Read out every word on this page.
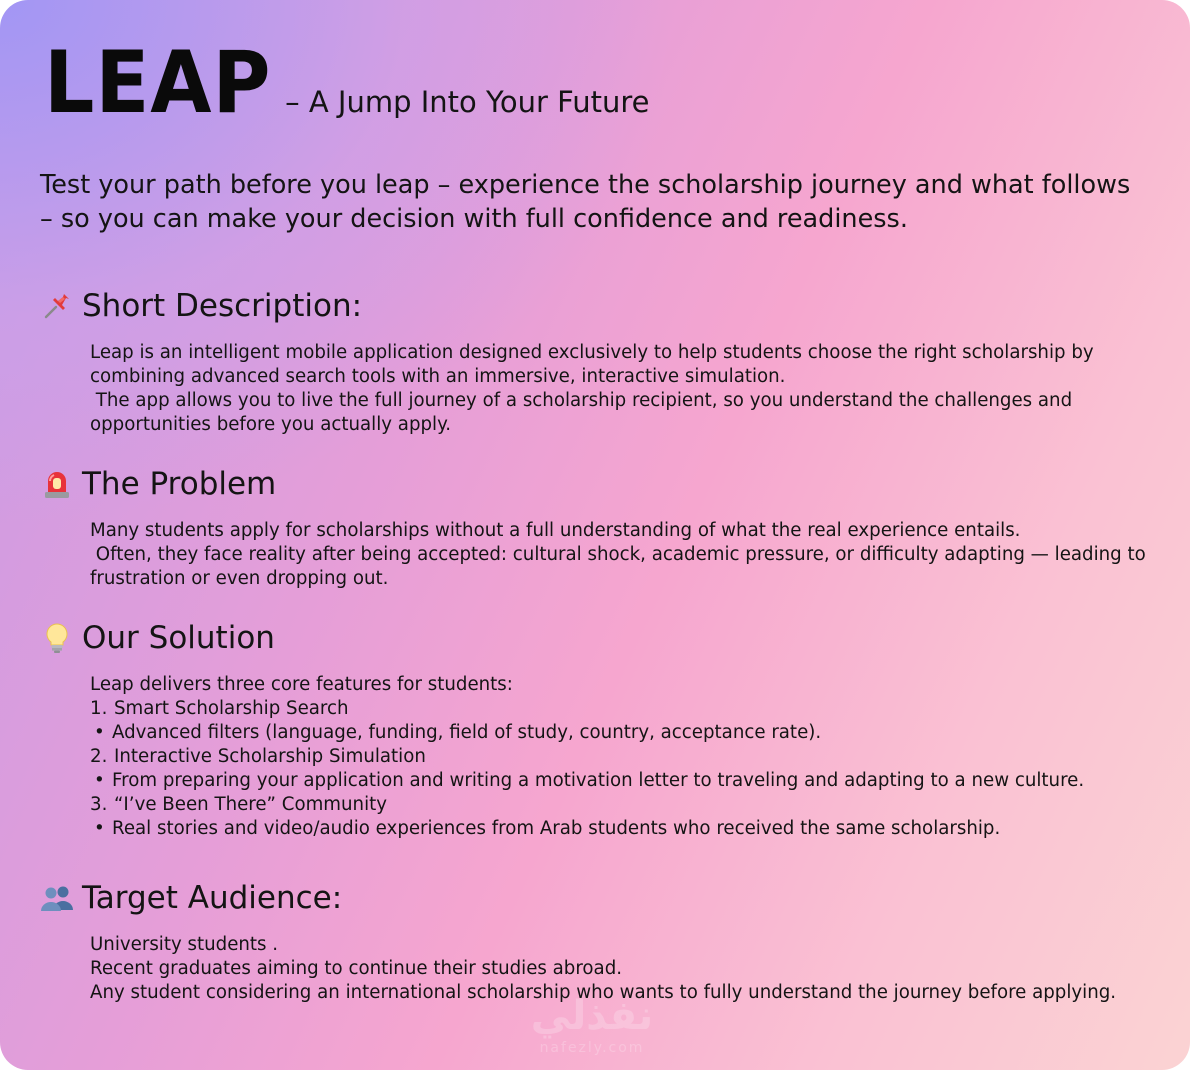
LEAP – A Jump Into Your Future
Test your path before you leap – experience the scholarship journey and what follows – so you can make your decision with full confidence and readiness.
Short Description:

Leap is an intelligent mobile application designed exclusively to help students choose the right scholarship by combining advanced search tools with an immersive, interactive simulation.

The app allows you to live the full journey of a scholarship recipient, so you understand the challenges and opportunities before you actually apply.

The Problem

Many students apply for scholarships without a full understanding of what the real experience entails.

Often, they face reality after being accepted: cultural shock, academic pressure, or difficulty adapting — leading to frustration or even dropping out.

Our Solution

Leap delivers three core features for students:

1. Smart Scholarship Search

• Advanced filters (language, funding, field of study, country, acceptance rate).

2. Interactive Scholarship Simulation

• From preparing your application and writing a motivation letter to traveling and adapting to a new culture.

3. “I’ve Been There” Community

• Real stories and video/audio experiences from Arab students who received the same scholarship.

Target Audience:

University students .

Recent graduates aiming to continue their studies abroad.

Any student considering an international scholarship who wants to fully understand the journey before applying.

نفذلي
nafezly.com
